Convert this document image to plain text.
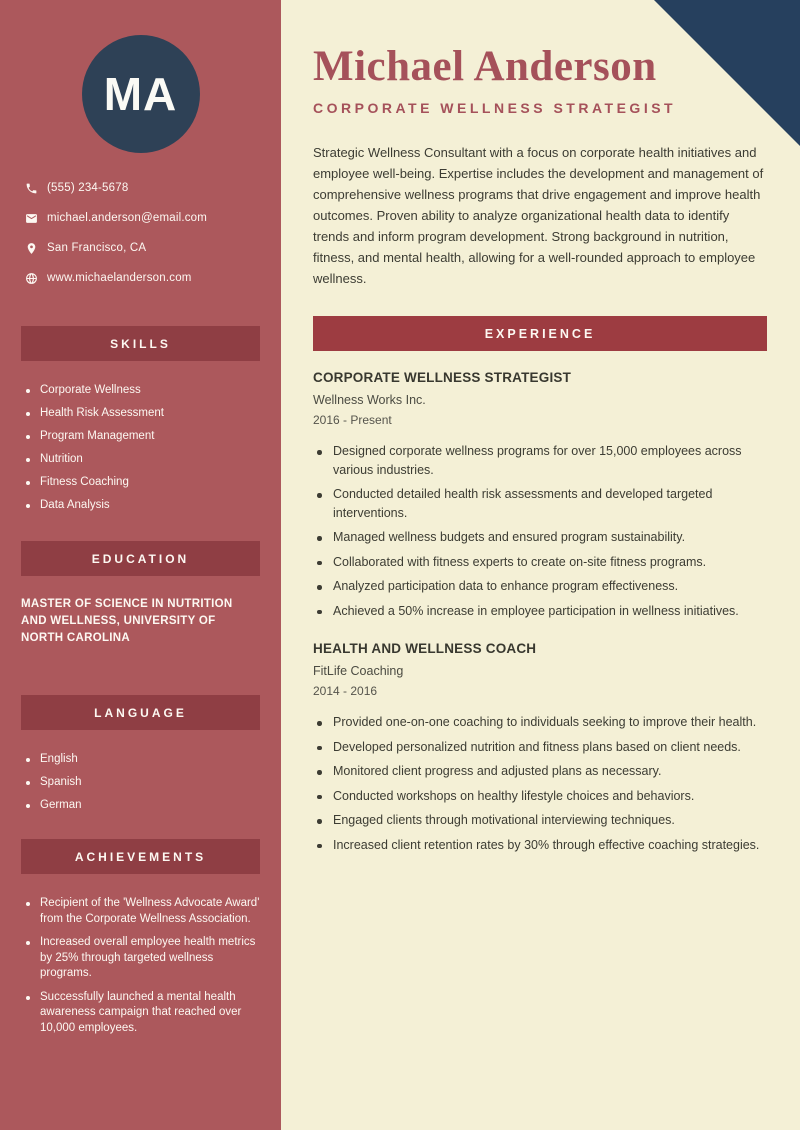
MA
(555) 234-5678
michael.anderson@email.com
San Francisco, CA
www.michaelanderson.com
SKILLS
Corporate Wellness
Health Risk Assessment
Program Management
Nutrition
Fitness Coaching
Data Analysis
EDUCATION
MASTER OF SCIENCE IN NUTRITION AND WELLNESS, UNIVERSITY OF NORTH CAROLINA
LANGUAGE
English
Spanish
German
ACHIEVEMENTS
Recipient of the 'Wellness Advocate Award' from the Corporate Wellness Association.
Increased overall employee health metrics by 25% through targeted wellness programs.
Successfully launched a mental health awareness campaign that reached over 10,000 employees.
Michael Anderson
CORPORATE WELLNESS STRATEGIST

Strategic Wellness Consultant with a focus on corporate health initiatives and employee well-being. Expertise includes the development and management of comprehensive wellness programs that drive engagement and improve health outcomes. Proven ability to analyze organizational health data to identify trends and inform program development. Strong background in nutrition, fitness, and mental health, allowing for a well-rounded approach to employee wellness.

EXPERIENCE
CORPORATE WELLNESS STRATEGIST
Wellness Works Inc.
2016 - Present
Designed corporate wellness programs for over 15,000 employees across various industries.
Conducted detailed health risk assessments and developed targeted interventions.
Managed wellness budgets and ensured program sustainability.
Collaborated with fitness experts to create on-site fitness programs.
Analyzed participation data to enhance program effectiveness.
Achieved a 50% increase in employee participation in wellness initiatives.
HEALTH AND WELLNESS COACH
FitLife Coaching
2014 - 2016
Provided one-on-one coaching to individuals seeking to improve their health.
Developed personalized nutrition and fitness plans based on client needs.
Monitored client progress and adjusted plans as necessary.
Conducted workshops on healthy lifestyle choices and behaviors.
Engaged clients through motivational interviewing techniques.
Increased client retention rates by 30% through effective coaching strategies.
